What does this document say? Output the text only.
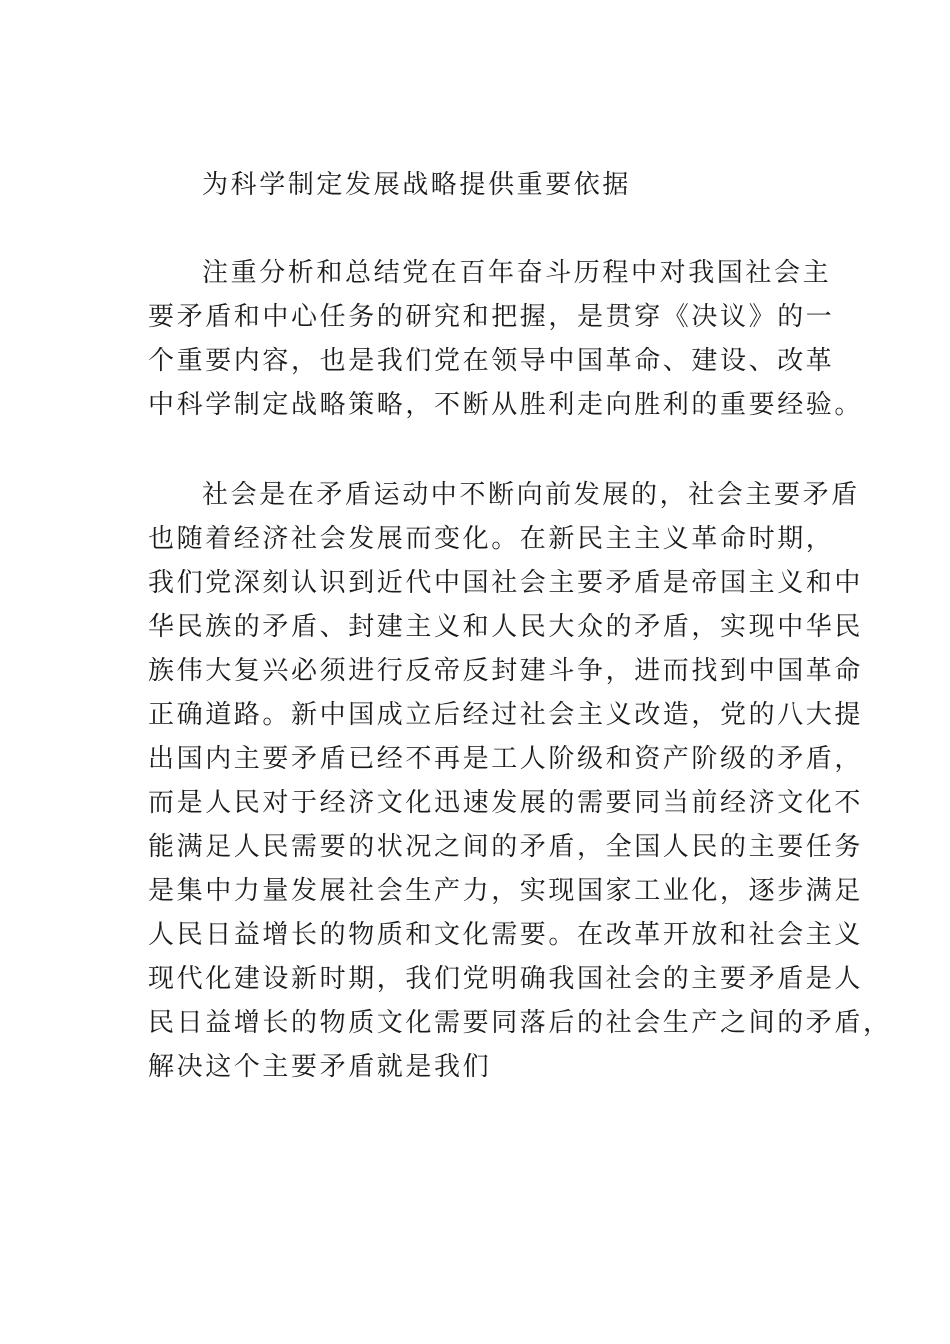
为科学制定发展战略提供重要依据
注重分析和总结党在百年奋斗历程中对我国社会主
要矛盾和中心任务的研究和把握，是贯穿《决议》的一
个重要内容，也是我们党在领导中国革命、建设、改革
中科学制定战略策略，不断从胜利走向胜利的重要经验。
社会是在矛盾运动中不断向前发展的，社会主要矛盾
也随着经济社会发展而变化。在新民主主义革命时期，
我们党深刻认识到近代中国社会主要矛盾是帝国主义和中
华民族的矛盾、封建主义和人民大众的矛盾，实现中华民
族伟大复兴必须进行反帝反封建斗争，进而找到中国革命
正确道路。新中国成立后经过社会主义改造，党的八大提
出国内主要矛盾已经不再是工人阶级和资产阶级的矛盾，
而是人民对于经济文化迅速发展的需要同当前经济文化不
能满足人民需要的状况之间的矛盾，全国人民的主要任务
是集中力量发展社会生产力，实现国家工业化，逐步满足
人民日益增长的物质和文化需要。在改革开放和社会主义
现代化建设新时期，我们党明确我国社会的主要矛盾是人
民日益增长的物质文化需要同落后的社会生产之间的矛盾，
解决这个主要矛盾就是我们
